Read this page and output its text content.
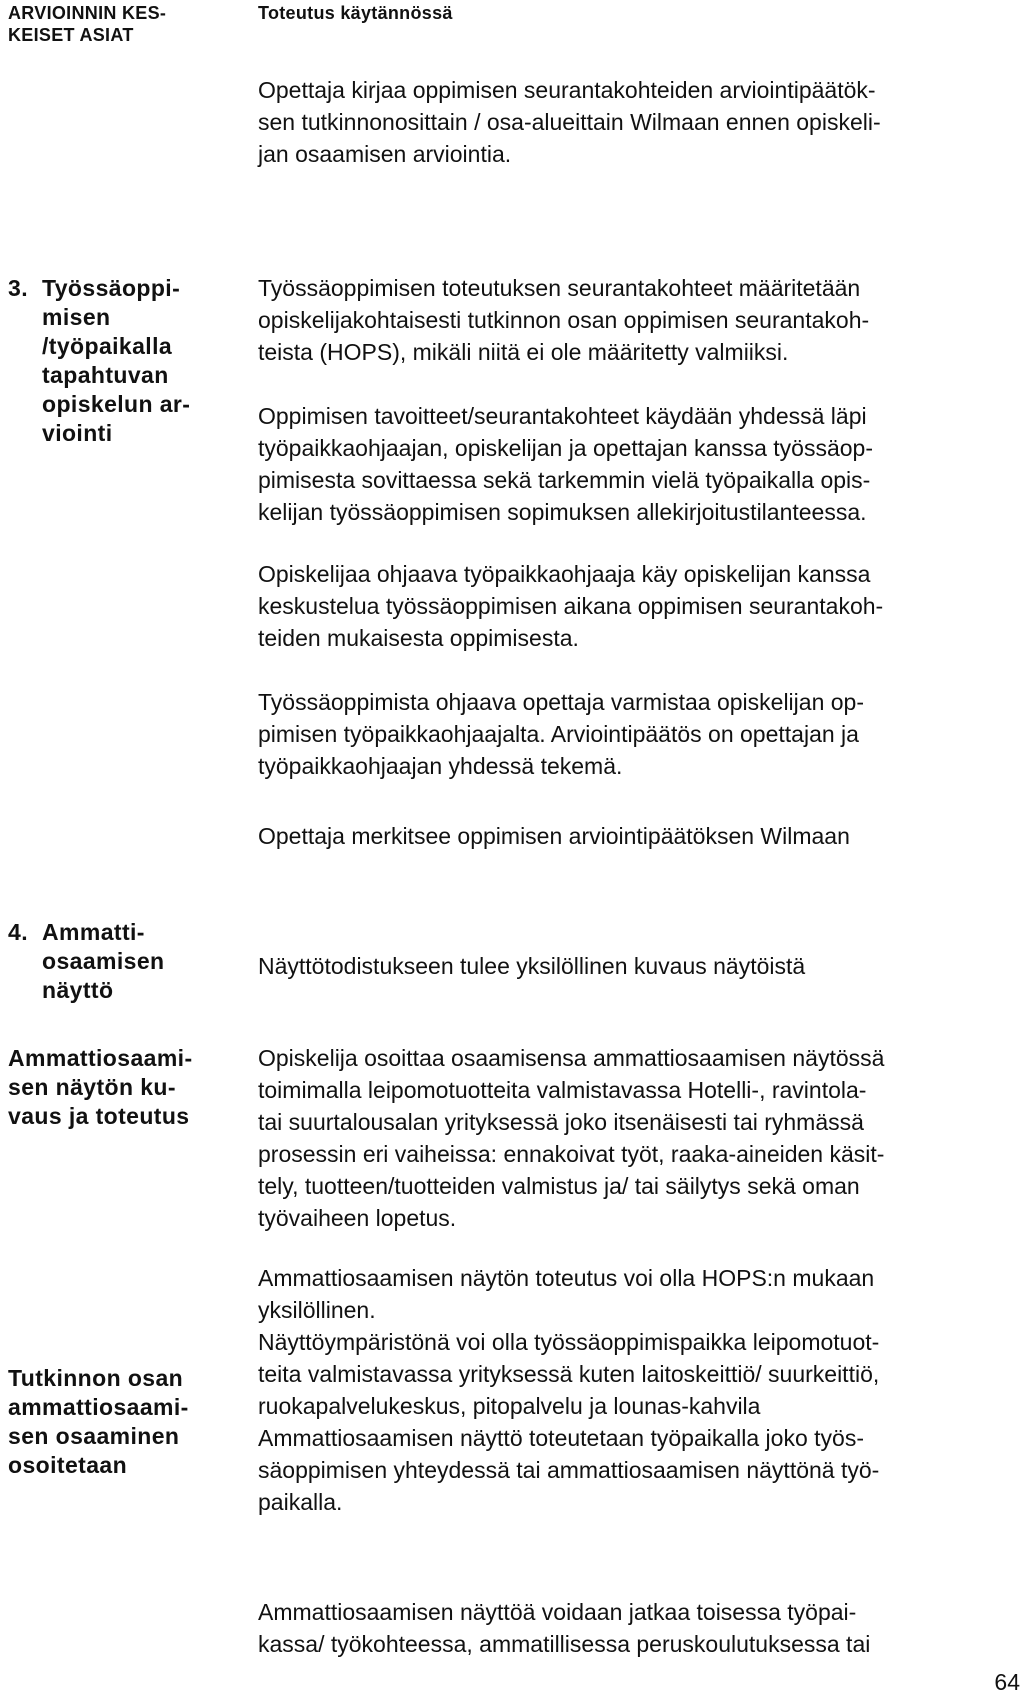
ARVIOINNIN KES-
KEISET ASIAT
Toteutus käytännössä
Opettaja kirjaa oppimisen seurantakohteiden arviointipäätök-
sen tutkinnonosittain / osa-alueittain Wilmaan ennen opiskeli-
jan osaamisen arviointia.
3. Työssäoppi-
misen
/työpaikalla
tapahtuvan
opiskelun ar-
viointi
Työssäoppimisen toteutuksen seurantakohteet määritetään
opiskelijakohtaisesti tutkinnon osan oppimisen seurantakoh-
teista (HOPS), mikäli niitä ei ole määritetty valmiiksi.
Oppimisen tavoitteet/seurantakohteet käydään yhdessä läpi
työpaikkaohjaajan, opiskelijan ja opettajan kanssa työssäop-
pimisesta sovittaessa sekä tarkemmin vielä työpaikalla opis-
kelijan työssäoppimisen sopimuksen allekirjoitustilanteessa.
Opiskelijaa ohjaava työpaikkaohjaaja käy opiskelijan kanssa
keskustelua työssäoppimisen aikana oppimisen seurantakoh-
teiden mukaisesta oppimisesta.
Työssäoppimista ohjaava opettaja varmistaa opiskelijan op-
pimisen työpaikkaohjaajalta. Arviointipäätös on opettajan ja
työpaikkaohjaajan yhdessä tekemä.
Opettaja merkitsee oppimisen arviointipäätöksen Wilmaan
4. Ammatti-
osaamisen
näyttö
Näyttötodistukseen tulee yksilöllinen kuvaus näytöistä
Ammattiosaami-
sen näytön ku-
vaus ja toteutus
Opiskelija osoittaa osaamisensa ammattiosaamisen näytössä
toimimalla leipomotuotteita valmistavassa Hotelli-, ravintola-
tai suurtalousalan yrityksessä joko itsenäisesti tai ryhmässä
prosessin eri vaiheissa: ennakoivat työt, raaka-aineiden käsit-
tely, tuotteen/tuotteiden valmistus ja/ tai säilytys sekä oman
työvaiheen lopetus.
Ammattiosaamisen näytön toteutus voi olla HOPS:n mukaan
yksilöllinen.
Näyttöympäristönä voi olla työssäoppimispaikka leipomotuot-
teita valmistavassa yrityksessä kuten laitoskeittiö/ suurkeittiö,
ruokapalvelukeskus, pitopalvelu ja lounas-kahvila
Ammattiosaamisen näyttö toteutetaan työpaikalla joko työs-
säoppimisen yhteydessä tai ammattiosaamisen näyttönä työ-
paikalla.
Tutkinnon osan
ammattiosaami-
sen osaaminen
osoitetaan
Ammattiosaamisen näyttöä voidaan jatkaa toisessa työpai-
kassa/ työkohteessa, ammatillisessa peruskoulutuksessa tai
64
